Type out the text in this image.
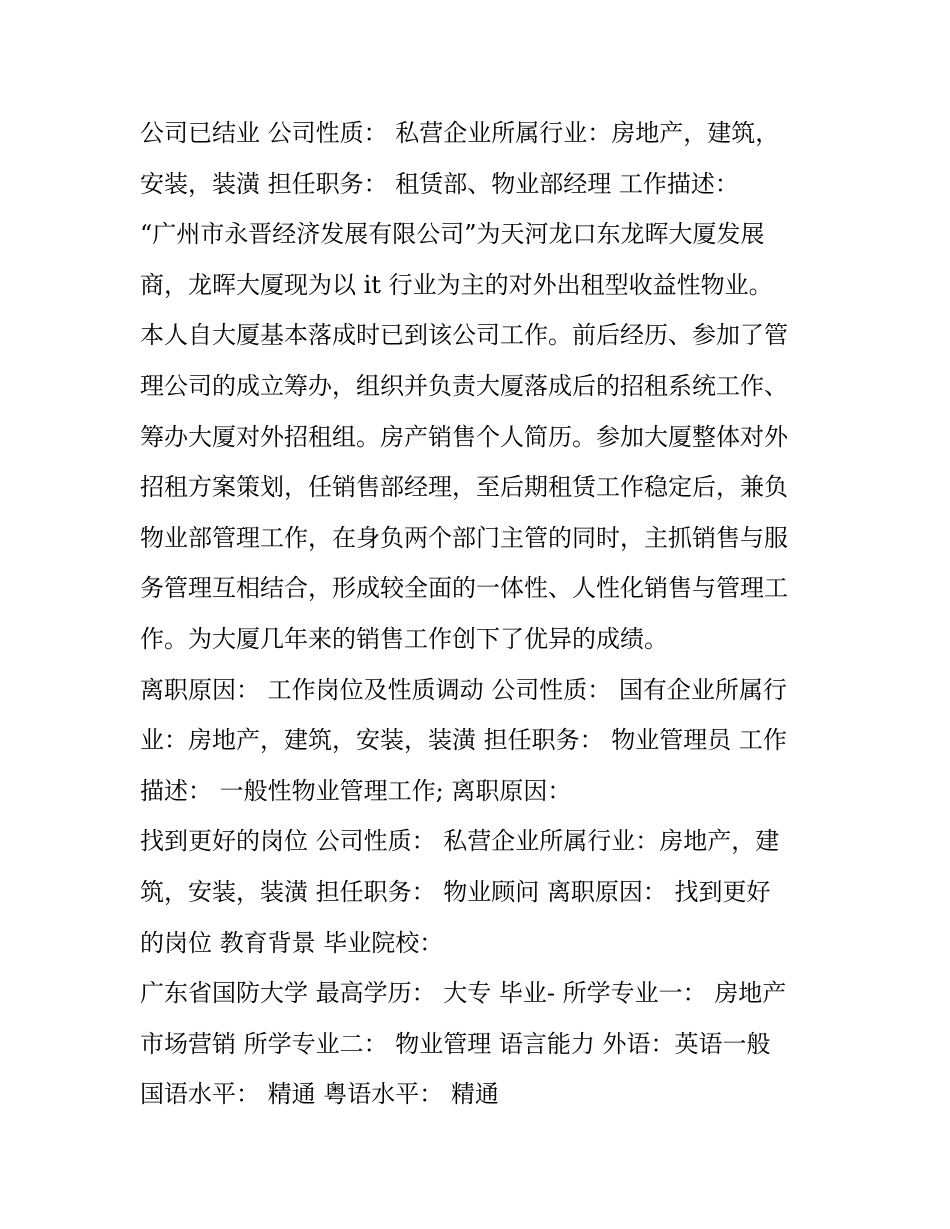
公司已结业 公司性质： 私营企业所属行业：房地产，建筑，
安装，装潢 担任职务： 租赁部、物业部经理 工作描述：
“广州市永晋经济发展有限公司”为天河龙口东龙晖大厦发展
商，龙晖大厦现为以 it 行业为主的对外出租型收益性物业。
本人自大厦基本落成时已到该公司工作。前后经历、参加了管
理公司的成立筹办，组织并负责大厦落成后的招租系统工作、
筹办大厦对外招租组。房产销售个人简历。参加大厦整体对外
招租方案策划，任销售部经理，至后期租赁工作稳定后，兼负
物业部管理工作，在身负两个部门主管的同时，主抓销售与服
务管理互相结合，形成较全面的一体性、人性化销售与管理工
作。为大厦几年来的销售工作创下了优异的成绩。
离职原因： 工作岗位及性质调动 公司性质： 国有企业所属行
业：房地产，建筑，安装，装潢 担任职务： 物业管理员 工作
描述： 一般性物业管理工作; 离职原因：
找到更好的岗位 公司性质： 私营企业所属行业：房地产，建
筑，安装，装潢 担任职务： 物业顾问 离职原因： 找到更好
的岗位 教育背景 毕业院校：
广东省国防大学 最高学历： 大专 毕业- 所学专业一： 房地产
市场营销 所学专业二： 物业管理 语言能力 外语：英语一般
国语水平： 精通 粤语水平： 精通
